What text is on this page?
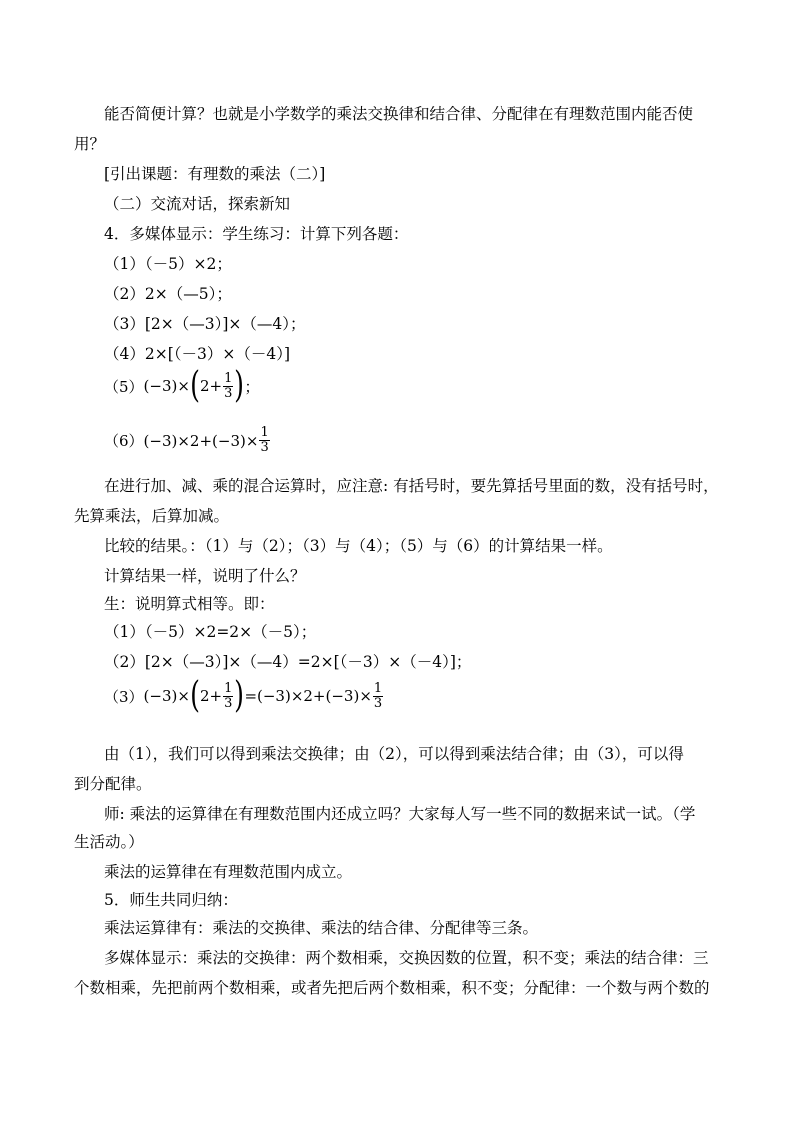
能否简便计算？也就是小学数学的乘法交换律和结合律、分配律在有理数范围内能否使
用？
[引出课题：有理数的乘法（二）]
（二）交流对话，探索新知
4．多媒体显示：学生练习：计算下列各题：
（1）（－5）×2；
（2）2×（—5）；
（3）[2×（—3）]×（—4）；
（4）2×[（－3）×（－4）]
（5） (−3)× ( $2+ \frac{1}{3}$ ) ；
（6） $(-3)\times 2+(-3)\times \frac{1}{3}$
在进行加、减、乘的混合运算时，应注意: 有括号时，要先算括号里面的数，没有括号时，
先算乘法，后算加减。
比较的结果。：（1）与（2）；（3）与（4）；（5）与（6）的计算结果一样。
计算结果一样，说明了什么？
生：说明算式相等。即：
（1）（－5）×2=2×（－5）；
（2）[2×（—3）]×（—4）=2×[（－3）×（－4）]；
（3） (−3)× ( $2+ \frac{1}{3}$ ) $=(-3)\times 2+(-3)\times \frac{1}{3}$
由（1），我们可以得到乘法交换律；由（2），可以得到乘法结合律；由（3），可以得
到分配律。
师: 乘法的运算律在有理数范围内还成立吗？大家每人写一些不同的数据来试一试。（学
生活动。）
乘法的运算律在有理数范围内成立。
5．师生共同归纳：
乘法运算律有：乘法的交换律、乘法的结合律、分配律等三条。
多媒体显示：乘法的交换律：两个数相乘，交换因数的位置，积不变；乘法的结合律：三
个数相乘，先把前两个数相乘，或者先把后两个数相乘，积不变；分配律：一个数与两个数的
